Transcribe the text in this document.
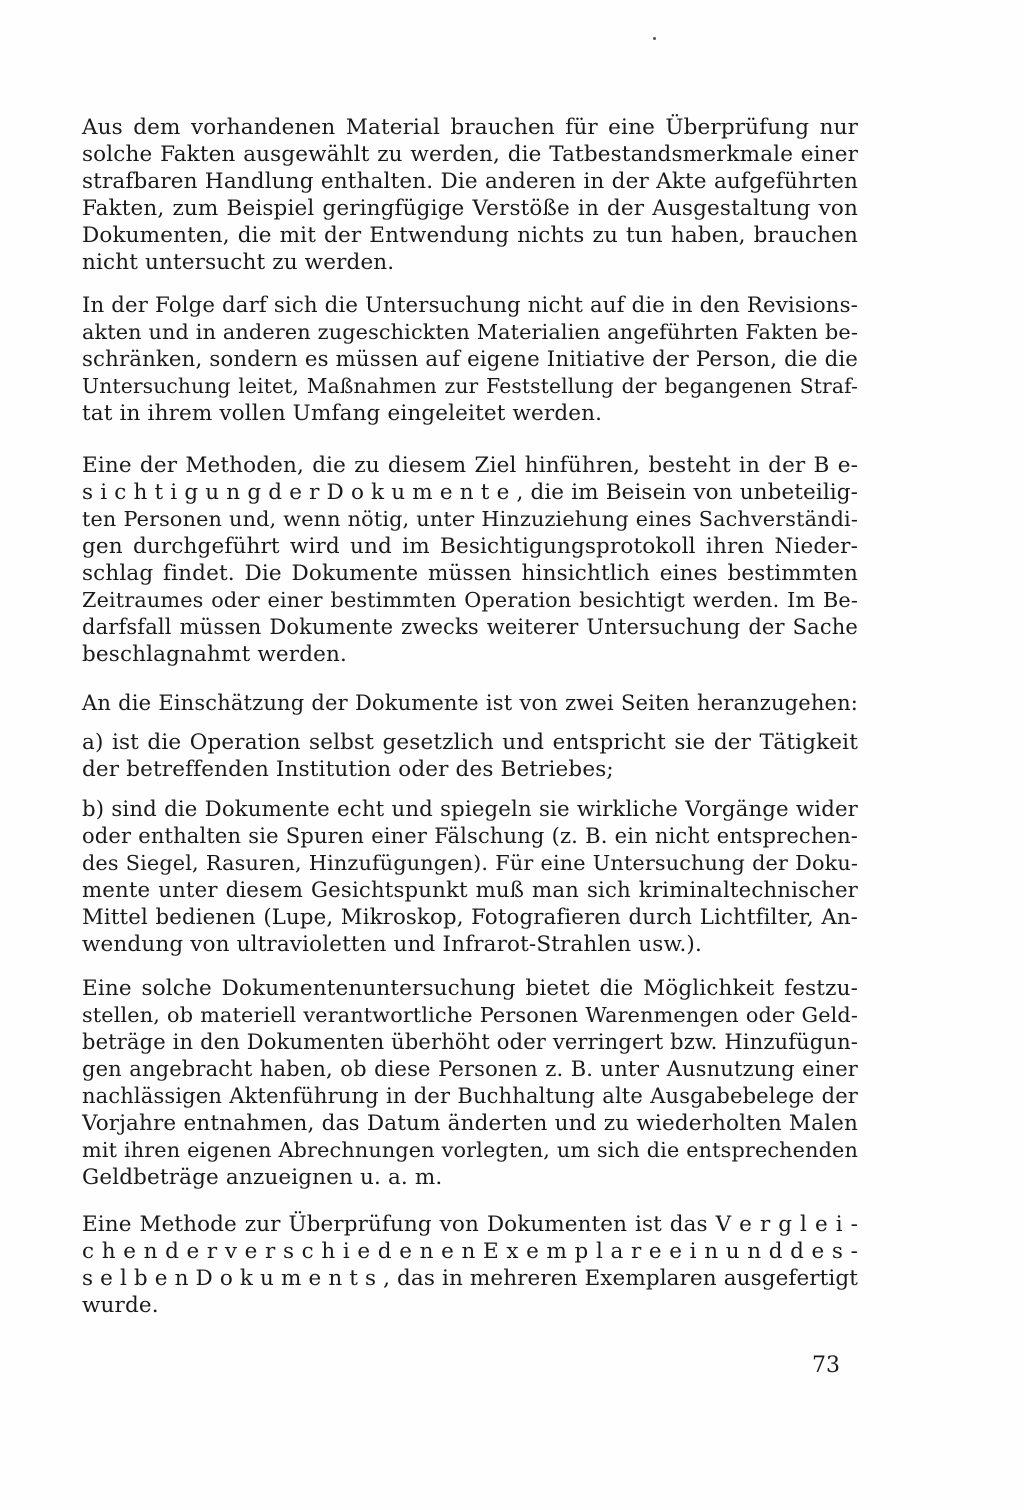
Aus dem vorhandenen Material brauchen für eine Überprüfung nur
solche Fakten ausgewählt zu werden, die Tatbestandsmerkmale einer
strafbaren Handlung enthalten. Die anderen in der Akte aufgeführten
Fakten, zum Beispiel geringfügige Verstöße in der Ausgestaltung von
Dokumenten, die mit der Entwendung nichts zu tun haben, brauchen
nicht untersucht zu werden.
In der Folge darf sich die Untersuchung nicht auf die in den Revisions-
akten und in anderen zugeschickten Materialien angeführten Fakten be-
schränken, sondern es müssen auf eigene Initiative der Person, die die
Untersuchung leitet, Maßnahmen zur Feststellung der begangenen Straf-
tat in ihrem vollen Umfang eingeleitet werden.
Eine der Methoden, die zu diesem Ziel hinführen, besteht in der B e-
s i c h t i g u n g d e r D o k u m e n t e , die im Beisein von unbeteilig-
ten Personen und, wenn nötig, unter Hinzuziehung eines Sachverständi-
gen durchgeführt wird und im Besichtigungsprotokoll ihren Nieder-
schlag findet. Die Dokumente müssen hinsichtlich eines bestimmten
Zeitraumes oder einer bestimmten Operation besichtigt werden. Im Be-
darfsfall müssen Dokumente zwecks weiterer Untersuchung der Sache
beschlagnahmt werden.
An die Einschätzung der Dokumente ist von zwei Seiten heranzugehen:
a) ist die Operation selbst gesetzlich und entspricht sie der Tätigkeit
der betreffenden Institution oder des Betriebes;
b) sind die Dokumente echt und spiegeln sie wirkliche Vorgänge wider
oder enthalten sie Spuren einer Fälschung (z. B. ein nicht entsprechen-
des Siegel, Rasuren, Hinzufügungen). Für eine Untersuchung der Doku-
mente unter diesem Gesichtspunkt muß man sich kriminaltechnischer
Mittel bedienen (Lupe, Mikroskop, Fotografieren durch Lichtfilter, An-
wendung von ultravioletten und Infrarot-Strahlen usw.).
Eine solche Dokumentenuntersuchung bietet die Möglichkeit festzu-
stellen, ob materiell verantwortliche Personen Warenmengen oder Geld-
beträge in den Dokumenten überhöht oder verringert bzw. Hinzufügun-
gen angebracht haben, ob diese Personen z. B. unter Ausnutzung einer
nachlässigen Aktenführung in der Buchhaltung alte Ausgabebelege der
Vorjahre entnahmen, das Datum änderten und zu wiederholten Malen
mit ihren eigenen Abrechnungen vorlegten, um sich die entsprechenden
Geldbeträge anzueignen u. a. m.
Eine Methode zur Überprüfung von Dokumenten ist das V e r g l e i -
c h e n d e r v e r s c h i e d e n e n E x e m p l a r e e i n u n d d e s -
s e l b e n D o k u m e n t s , das in mehreren Exemplaren ausgefertigt
wurde.
73
